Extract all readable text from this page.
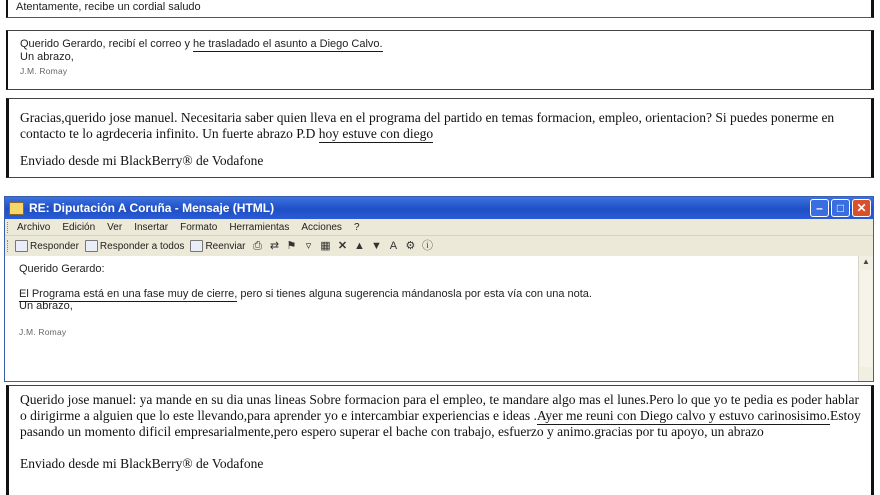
Atentamente, recibe un cordial saludo
Querido Gerardo, recibí el correo y he trasladado el asunto a Diego Calvo.
Un abrazo,
J.M. Romay
Gracias,querido jose manuel. Necesitaria saber quien lleva en el programa del partido en temas formacion, empleo, orientacion? Si puedes ponerme en contacto te lo agrdeceria infinito. Un fuerte abrazo P.D hoy estuve con diego
Enviado desde mi BlackBerry® de Vodafone
RE: Diputación A Coruña - Mensaje (HTML)	–	□	✕
Archivo Edición Ver Insertar Formato Herramientas Acciones ?
Responder Responder a todos Reenviar ⎙ ⇄ ⚑ ▿ ▦ ✕ ▲ ▼ A ⚙ ⓘ
Querido Gerardo:
El Programa está en una fase muy de cierre, pero si tienes alguna sugerencia mándanosla por esta vía con una nota.
Un abrazo,
J.M. Romay
▲
Querido jose manuel: ya mande en su dia unas lineas Sobre formacion para el empleo, te mandare algo mas el lunes.Pero lo que yo te pedia es poder hablar o dirigirme a alguien que lo este llevando,para aprender yo e intercambiar experiencias e ideas .Ayer me reuni con Diego calvo y estuvo carinosisimo.Estoy pasando un momento dificil empresarialmente,pero espero superar el bache con trabajo, esfuerzo y animo.gracias por tu apoyo, un abrazo
Enviado desde mi BlackBerry® de Vodafone
